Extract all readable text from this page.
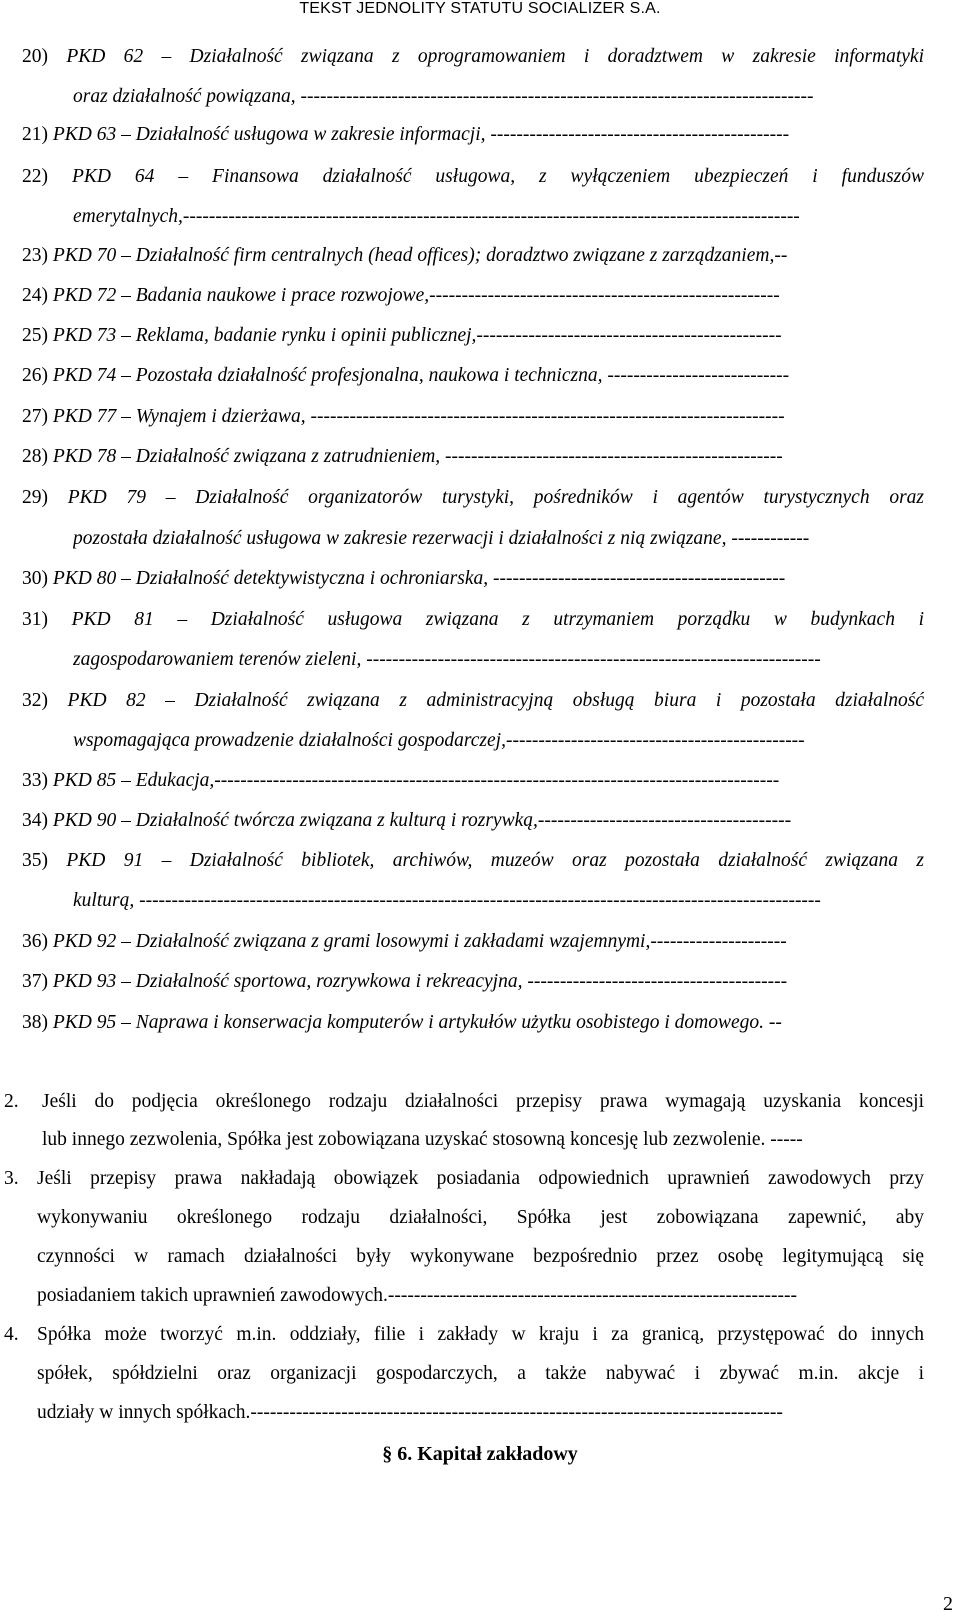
TEKST JEDNOLITY STATUTU SOCIALIZER S.A.
20) PKD 62 – Działalność związana z oprogramowaniem i doradztwem w zakresie informatyki
oraz działalność powiązana, -------------------------------------------------------------------------------
21) PKD 63 – Działalność usługowa w zakresie informacji, ----------------------------------------------
22) PKD 64 – Finansowa działalność usługowa, z wyłączeniem ubezpieczeń i funduszów
emerytalnych,-----------------------------------------------------------------------------------------------
23) PKD 70 – Działalność firm centralnych (head offices); doradztwo związane z zarządzaniem,--
24) PKD 72 – Badania naukowe i prace rozwojowe,------------------------------------------------------
25) PKD 73 – Reklama, badanie rynku i opinii publicznej,-----------------------------------------------
26) PKD 74 – Pozostała działalność profesjonalna, naukowa i techniczna, ----------------------------
27) PKD 77 – Wynajem i dzierżawa, -------------------------------------------------------------------------
28) PKD 78 – Działalność związana z zatrudnieniem, ----------------------------------------------------
29) PKD 79 – Działalność organizatorów turystyki, pośredników i agentów turystycznych oraz
pozostała działalność usługowa w zakresie rezerwacji i działalności z nią związane, ------------
30) PKD 80 – Działalność detektywistyczna i ochroniarska, ---------------------------------------------
31) PKD 81 – Działalność usługowa związana z utrzymaniem porządku w budynkach i
zagospodarowaniem terenów zieleni, ----------------------------------------------------------------------
32) PKD 82 – Działalność związana z administracyjną obsługą biura i pozostała działalność
wspomagająca prowadzenie działalności gospodarczej,----------------------------------------------
33) PKD 85 – Edukacja,---------------------------------------------------------------------------------------
34) PKD 90 – Działalność twórcza związana z kulturą i rozrywką,---------------------------------------
35) PKD 91 – Działalność bibliotek, archiwów, muzeów oraz pozostała działalność związana z
kulturą, ---------------------------------------------------------------------------------------------------------
36) PKD 92 – Działalność związana z grami losowymi i zakładami wzajemnymi,---------------------
37) PKD 93 – Działalność sportowa, rozrywkowa i rekreacyjna, ----------------------------------------
38) PKD 95 – Naprawa i konserwacja komputerów i artykułów użytku osobistego i domowego. --
2. Jeśli do podjęcia określonego rodzaju działalności przepisy prawa wymagają uzyskania koncesji
lub innego zezwolenia, Spółka jest zobowiązana uzyskać stosowną koncesję lub zezwolenie. -----
3. Jeśli przepisy prawa nakładają obowiązek posiadania odpowiednich uprawnień zawodowych przy
wykonywaniu określonego rodzaju działalności, Spółka jest zobowiązana zapewnić, aby
czynności w ramach działalności były wykonywane bezpośrednio przez osobę legitymującą się
posiadaniem takich uprawnień zawodowych.---------------------------------------------------------------
4. Spółka może tworzyć m.in. oddziały, filie i zakłady w kraju i za granicą, przystępować do innych
spółek, spółdzielni oraz organizacji gospodarczych, a także nabywać i zbywać m.in. akcje i
udziały w innych spółkach.----------------------------------------------------------------------------------
§ 6. Kapitał zakładowy
2
